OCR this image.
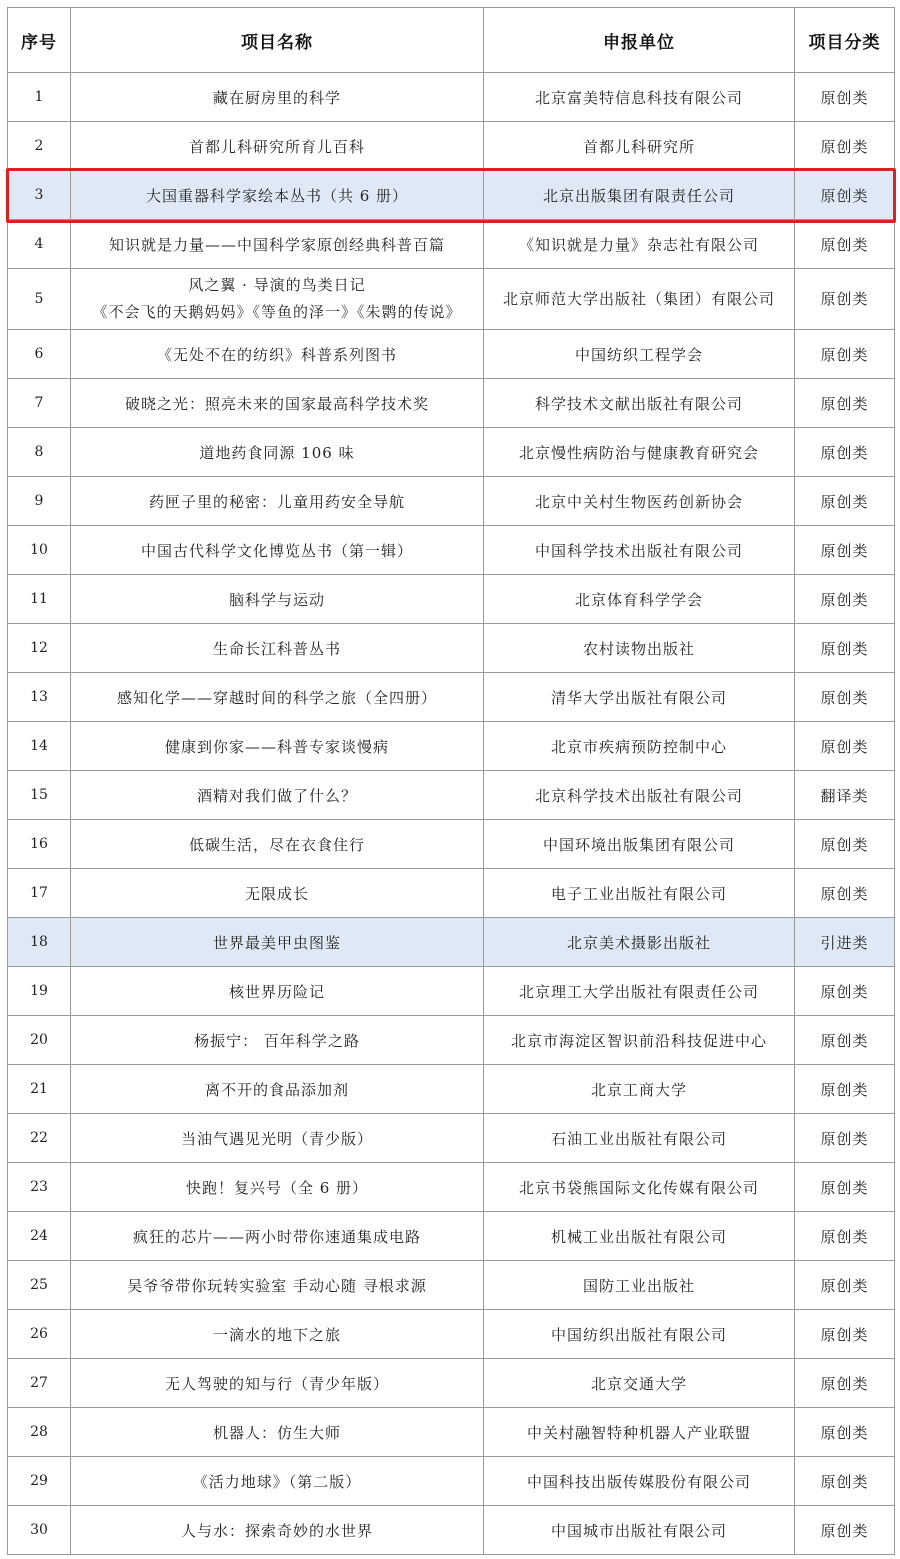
序号	项目名称	申报单位	项目分类
1	藏在厨房里的科学	北京富美特信息科技有限公司	原创类
2	首都儿科研究所育儿百科	首都儿科研究所	原创类
3	大国重器科学家绘本丛书（共 6 册）	北京出版集团有限责任公司	原创类
4	知识就是力量——中国科学家原创经典科普百篇	《知识就是力量》杂志社有限公司	原创类
5	风之翼 · 导演的鸟类日记
《不会飞的天鹅妈妈》《等鱼的泽一》《朱鹮的传说》	北京师范大学出版社（集团）有限公司	原创类
6	《无处不在的纺织》科普系列图书	中国纺织工程学会	原创类
7	破晓之光：照亮未来的国家最高科学技术奖	科学技术文献出版社有限公司	原创类
8	道地药食同源 106 味	北京慢性病防治与健康教育研究会	原创类
9	药匣子里的秘密：儿童用药安全导航	北京中关村生物医药创新协会	原创类
10	中国古代科学文化博览丛书（第一辑）	中国科学技术出版社有限公司	原创类
11	脑科学与运动	北京体育科学学会	原创类
12	生命长江科普丛书	农村读物出版社	原创类
13	感知化学——穿越时间的科学之旅（全四册）	清华大学出版社有限公司	原创类
14	健康到你家——科普专家谈慢病	北京市疾病预防控制中心	原创类
15	酒精对我们做了什么？	北京科学技术出版社有限公司	翻译类
16	低碳生活，尽在衣食住行	中国环境出版集团有限公司	原创类
17	无限成长	电子工业出版社有限公司	原创类
18	世界最美甲虫图鉴	北京美术摄影出版社	引进类
19	核世界历险记	北京理工大学出版社有限责任公司	原创类
20	杨振宁： 百年科学之路	北京市海淀区智识前沿科技促进中心	原创类
21	离不开的食品添加剂	北京工商大学	原创类
22	当油气遇见光明（青少版）	石油工业出版社有限公司	原创类
23	快跑！复兴号（全 6 册）	北京书袋熊国际文化传媒有限公司	原创类
24	疯狂的芯片——两小时带你速通集成电路	机械工业出版社有限公司	原创类
25	吴爷爷带你玩转实验室 手动心随 寻根求源	国防工业出版社	原创类
26	一滴水的地下之旅	中国纺织出版社有限公司	原创类
27	无人驾驶的知与行（青少年版）	北京交通大学	原创类
28	机器人：仿生大师	中关村融智特种机器人产业联盟	原创类
29	《活力地球》（第二版）	中国科技出版传媒股份有限公司	原创类
30	人与水：探索奇妙的水世界	中国城市出版社有限公司	原创类
